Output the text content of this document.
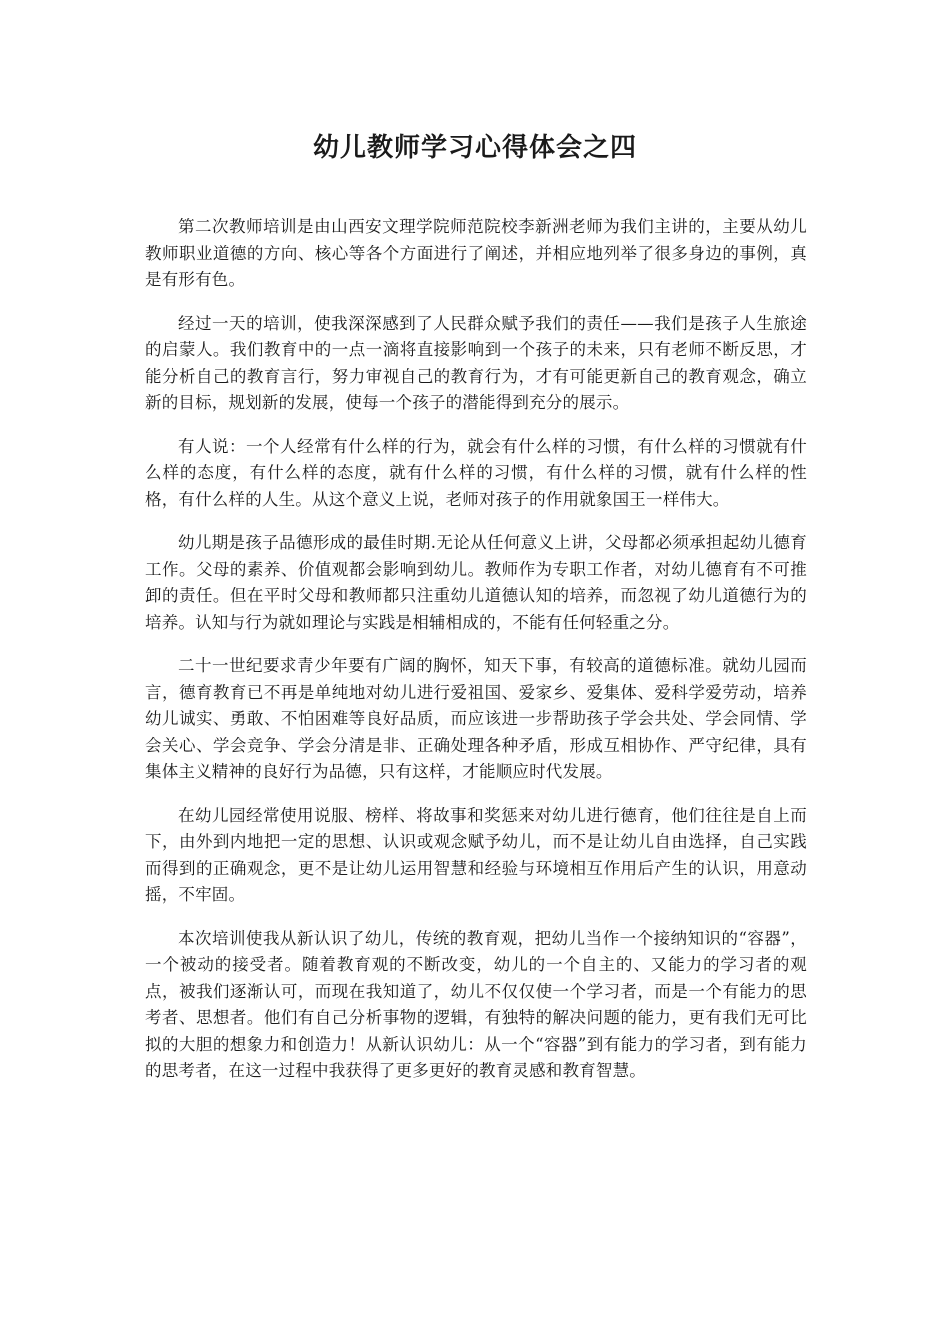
幼儿教师学习心得体会之四

第二次教师培训是由山西安文理学院师范院校李新洲老师为我们主讲的，主要从幼儿教师职业道德的方向、核心等各个方面进行了阐述，并相应地列举了很多身边的事例，真是有形有色。

经过一天的培训，使我深深感到了人民群众赋予我们的责任——我们是孩子人生旅途的启蒙人。我们教育中的一点一滴将直接影响到一个孩子的未来，只有老师不断反思，才能分析自己的教育言行，努力审视自己的教育行为，才有可能更新自己的教育观念，确立新的目标，规划新的发展，使每一个孩子的潜能得到充分的展示。

有人说：一个人经常有什么样的行为，就会有什么样的习惯，有什么样的习惯就有什么样的态度，有什么样的态度，就有什么样的习惯，有什么样的习惯，就有什么样的性格，有什么样的人生。从这个意义上说，老师对孩子的作用就象国王一样伟大。

幼儿期是孩子品德形成的最佳时期.无论从任何意义上讲，父母都必须承担起幼儿德育工作。父母的素养、价值观都会影响到幼儿。教师作为专职工作者，对幼儿德育有不可推卸的责任。但在平时父母和教师都只注重幼儿道德认知的培养，而忽视了幼儿道德行为的培养。认知与行为就如理论与实践是相辅相成的，不能有任何轻重之分。

二十一世纪要求青少年要有广阔的胸怀，知天下事，有较高的道德标准。就幼儿园而言，德育教育已不再是单纯地对幼儿进行爱祖国、爱家乡、爱集体、爱科学爱劳动，培养幼儿诚实、勇敢、不怕困难等良好品质，而应该进一步帮助孩子学会共处、学会同情、学会关心、学会竞争、学会分清是非、正确处理各种矛盾，形成互相协作、严守纪律，具有集体主义精神的良好行为品德，只有这样，才能顺应时代发展。

在幼儿园经常使用说服、榜样、将故事和奖惩来对幼儿进行德育，他们往往是自上而下，由外到内地把一定的思想、认识或观念赋予幼儿，而不是让幼儿自由选择，自己实践而得到的正确观念，更不是让幼儿运用智慧和经验与环境相互作用后产生的认识，用意动摇，不牢固。

本次培训使我从新认识了幼儿，传统的教育观，把幼儿当作一个接纳知识的“容器”，一个被动的接受者。随着教育观的不断改变，幼儿的一个自主的、又能力的学习者的观点，被我们逐渐认可，而现在我知道了，幼儿不仅仅使一个学习者，而是一个有能力的思考者、思想者。他们有自己分析事物的逻辑，有独特的解决问题的能力，更有我们无可比拟的大胆的想象力和创造力！从新认识幼儿：从一个“容器”到有能力的学习者，到有能力的思考者，在这一过程中我获得了更多更好的教育灵感和教育智慧。
